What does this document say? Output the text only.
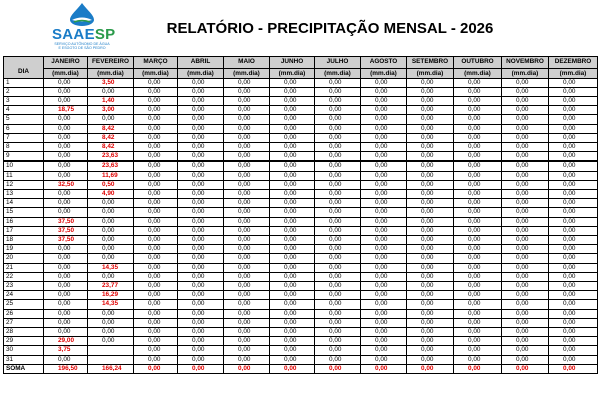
SAAESP
SERVIÇO AUTÔNOMO DE ÁGUA
E ESGOTO DE SÃO PEDRO
RELATÓRIO - PRECIPITAÇÃO MENSAL - 2026
DIA	JANEIRO	FEVEREIRO	MARÇO	ABRIL	MAIO	JUNHO	JULHO	AGOSTO	SETEMBRO	OUTUBRO	NOVEMBRO	DEZEMBRO
	(mm.dia)	(mm.dia)	(mm.dia)	(mm.dia)	(mm.dia)	(mm.dia)	(mm.dia)	(mm.dia)	(mm.dia)	(mm.dia)	(mm.dia)	(mm.dia)
1	0,00	3,50	0,00	0,00	0,00	0,00	0,00	0,00	0,00	0,00	0,00	0,00
2	0,00	0,00	0,00	0,00	0,00	0,00	0,00	0,00	0,00	0,00	0,00	0,00
3	0,00	1,40	0,00	0,00	0,00	0,00	0,00	0,00	0,00	0,00	0,00	0,00
4	18,75	3,00	0,00	0,00	0,00	0,00	0,00	0,00	0,00	0,00	0,00	0,00
5	0,00	0,00	0,00	0,00	0,00	0,00	0,00	0,00	0,00	0,00	0,00	0,00
6	0,00	8,42	0,00	0,00	0,00	0,00	0,00	0,00	0,00	0,00	0,00	0,00
7	0,00	8,42	0,00	0,00	0,00	0,00	0,00	0,00	0,00	0,00	0,00	0,00
8	0,00	8,42	0,00	0,00	0,00	0,00	0,00	0,00	0,00	0,00	0,00	0,00
9	0,00	23,63	0,00	0,00	0,00	0,00	0,00	0,00	0,00	0,00	0,00	0,00
10	0,00	23,63	0,00	0,00	0,00	0,00	0,00	0,00	0,00	0,00	0,00	0,00
11	0,00	11,69	0,00	0,00	0,00	0,00	0,00	0,00	0,00	0,00	0,00	0,00
12	32,50	0,50	0,00	0,00	0,00	0,00	0,00	0,00	0,00	0,00	0,00	0,00
13	0,00	4,90	0,00	0,00	0,00	0,00	0,00	0,00	0,00	0,00	0,00	0,00
14	0,00	0,00	0,00	0,00	0,00	0,00	0,00	0,00	0,00	0,00	0,00	0,00
15	0,00	0,00	0,00	0,00	0,00	0,00	0,00	0,00	0,00	0,00	0,00	0,00
16	37,50	0,00	0,00	0,00	0,00	0,00	0,00	0,00	0,00	0,00	0,00	0,00
17	37,50	0,00	0,00	0,00	0,00	0,00	0,00	0,00	0,00	0,00	0,00	0,00
18	37,50	0,00	0,00	0,00	0,00	0,00	0,00	0,00	0,00	0,00	0,00	0,00
19	0,00	0,00	0,00	0,00	0,00	0,00	0,00	0,00	0,00	0,00	0,00	0,00
20	0,00	0,00	0,00	0,00	0,00	0,00	0,00	0,00	0,00	0,00	0,00	0,00
21	0,00	14,35	0,00	0,00	0,00	0,00	0,00	0,00	0,00	0,00	0,00	0,00
22	0,00	0,00	0,00	0,00	0,00	0,00	0,00	0,00	0,00	0,00	0,00	0,00
23	0,00	23,77	0,00	0,00	0,00	0,00	0,00	0,00	0,00	0,00	0,00	0,00
24	0,00	16,29	0,00	0,00	0,00	0,00	0,00	0,00	0,00	0,00	0,00	0,00
25	0,00	14,35	0,00	0,00	0,00	0,00	0,00	0,00	0,00	0,00	0,00	0,00
26	0,00	0,00	0,00	0,00	0,00	0,00	0,00	0,00	0,00	0,00	0,00	0,00
27	0,00	0,00	0,00	0,00	0,00	0,00	0,00	0,00	0,00	0,00	0,00	0,00
28	0,00	0,00	0,00	0,00	0,00	0,00	0,00	0,00	0,00	0,00	0,00	0,00
29	29,00	0,00	0,00	0,00	0,00	0,00	0,00	0,00	0,00	0,00	0,00	0,00
30	3,75		0,00	0,00	0,00	0,00	0,00	0,00	0,00	0,00	0,00	0,00
31	0,00		0,00	0,00	0,00	0,00	0,00	0,00	0,00	0,00	0,00	0,00
SOMA	196,50	166,24	0,00	0,00	0,00	0,00	0,00	0,00	0,00	0,00	0,00	0,00
